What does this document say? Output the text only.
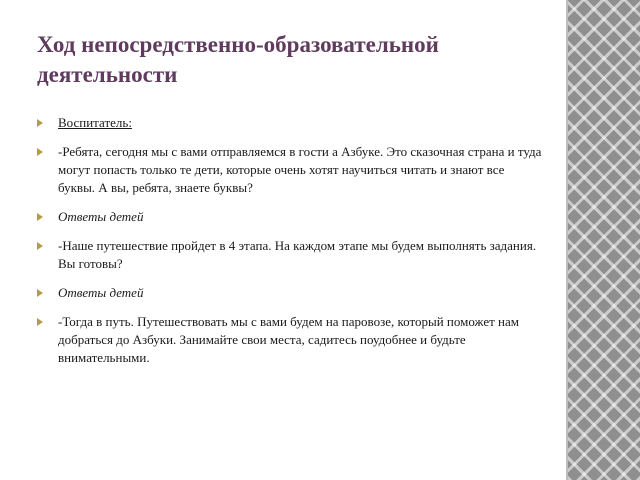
Ход непосредственно-образовательной деятельности
Воспитатель:
-Ребята, сегодня мы с вами отправляемся в гости а Азбуке. Это сказочная страна и туда могут попасть только те дети, которые очень хотят научиться читать и знают все буквы. А вы, ребята, знаете буквы?
Ответы детей
-Наше путешествие пройдет в 4 этапа. На каждом этапе мы будем выполнять задания. Вы готовы?
Ответы детей
-Тогда в путь. Путешествовать мы с вами будем на паровозе, который поможет нам добраться до Азбуки. Занимайте свои места, садитесь поудобнее и будьте внимательными.
